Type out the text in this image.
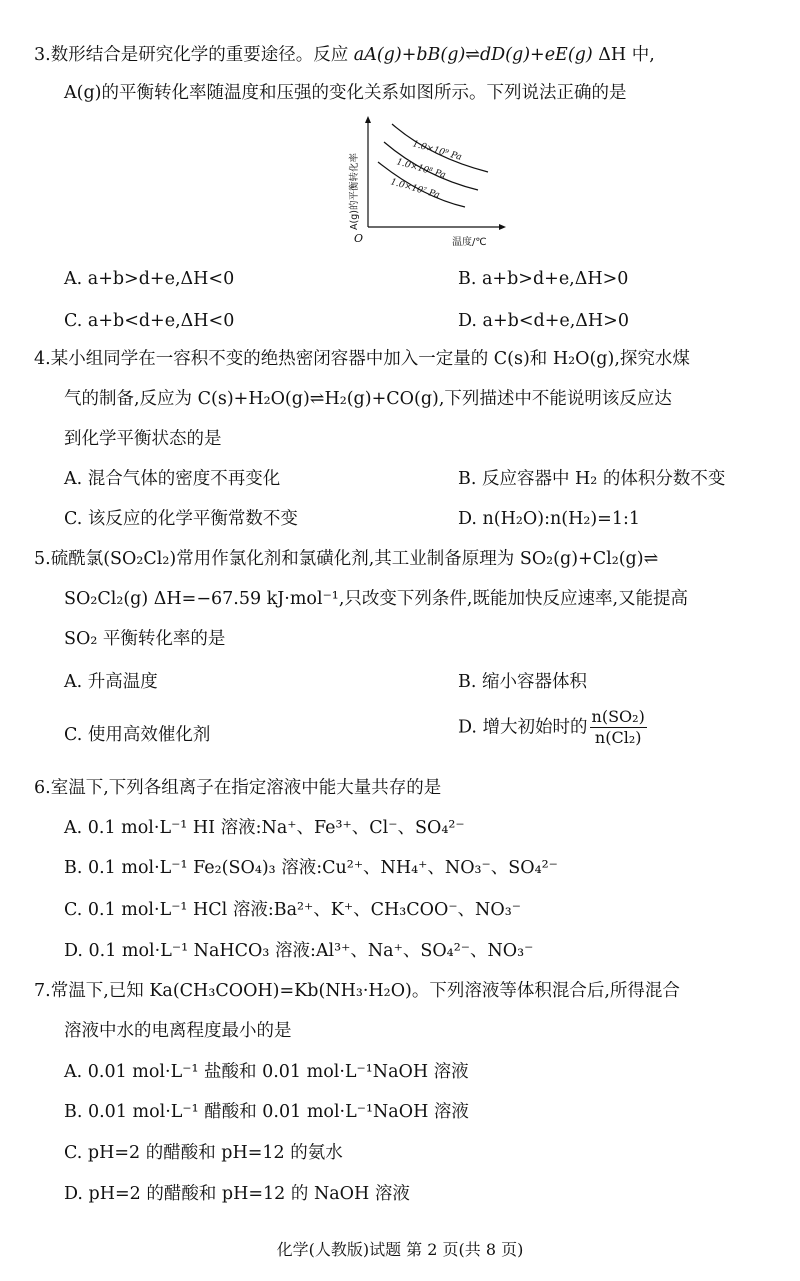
3.数形结合是研究化学的重要途径。反应 aA(g)+bB(g)⇌dD(g)+eE(g) ΔH 中,
A(g)的平衡转化率随温度和压强的变化关系如图所示。下列说法正确的是
A(g)的平衡转化率
O	温度/℃
1.0×10⁹ Pa
1.0×10⁸ Pa
1.0×10⁷ Pa
A. a+b>d+e,ΔH<0	B. a+b>d+e,ΔH>0
C. a+b<d+e,ΔH<0	D. a+b<d+e,ΔH>0
4.某小组同学在一容积不变的绝热密闭容器中加入一定量的 C(s)和 H₂O(g),探究水煤
气的制备,反应为 C(s)+H₂O(g)⇌H₂(g)+CO(g),下列描述中不能说明该反应达
到化学平衡状态的是
A. 混合气体的密度不再变化	B. 反应容器中 H₂ 的体积分数不变
C. 该反应的化学平衡常数不变	D. n(H₂O):n(H₂)=1:1
5.硫酰氯(SO₂Cl₂)常用作氯化剂和氯磺化剂,其工业制备原理为 SO₂(g)+Cl₂(g)⇌
SO₂Cl₂(g) ΔH=−67.59 kJ·mol⁻¹,只改变下列条件,既能加快反应速率,又能提高
SO₂ 平衡转化率的是
A. 升高温度	B. 缩小容器体积
C. 使用高效催化剂	D. 增大初始时的 $\frac{\text{n(SO₂)}}{\text{n(Cl₂)}}$
6.室温下,下列各组离子在指定溶液中能大量共存的是
A. 0.1 mol·L⁻¹ HI 溶液:Na⁺、Fe³⁺、Cl⁻、SO₄²⁻
B. 0.1 mol·L⁻¹ Fe₂(SO₄)₃ 溶液:Cu²⁺、NH₄⁺、NO₃⁻、SO₄²⁻
C. 0.1 mol·L⁻¹ HCl 溶液:Ba²⁺、K⁺、CH₃COO⁻、NO₃⁻
D. 0.1 mol·L⁻¹ NaHCO₃ 溶液:Al³⁺、Na⁺、SO₄²⁻、NO₃⁻
7.常温下,已知 Ka(CH₃COOH)=Kb(NH₃·H₂O)。下列溶液等体积混合后,所得混合
溶液中水的电离程度最小的是
A. 0.01 mol·L⁻¹ 盐酸和 0.01 mol·L⁻¹NaOH 溶液
B. 0.01 mol·L⁻¹ 醋酸和 0.01 mol·L⁻¹NaOH 溶液
C. pH=2 的醋酸和 pH=12 的氨水
D. pH=2 的醋酸和 pH=12 的 NaOH 溶液
化学(人教版)试题 第 2 页(共 8 页)
